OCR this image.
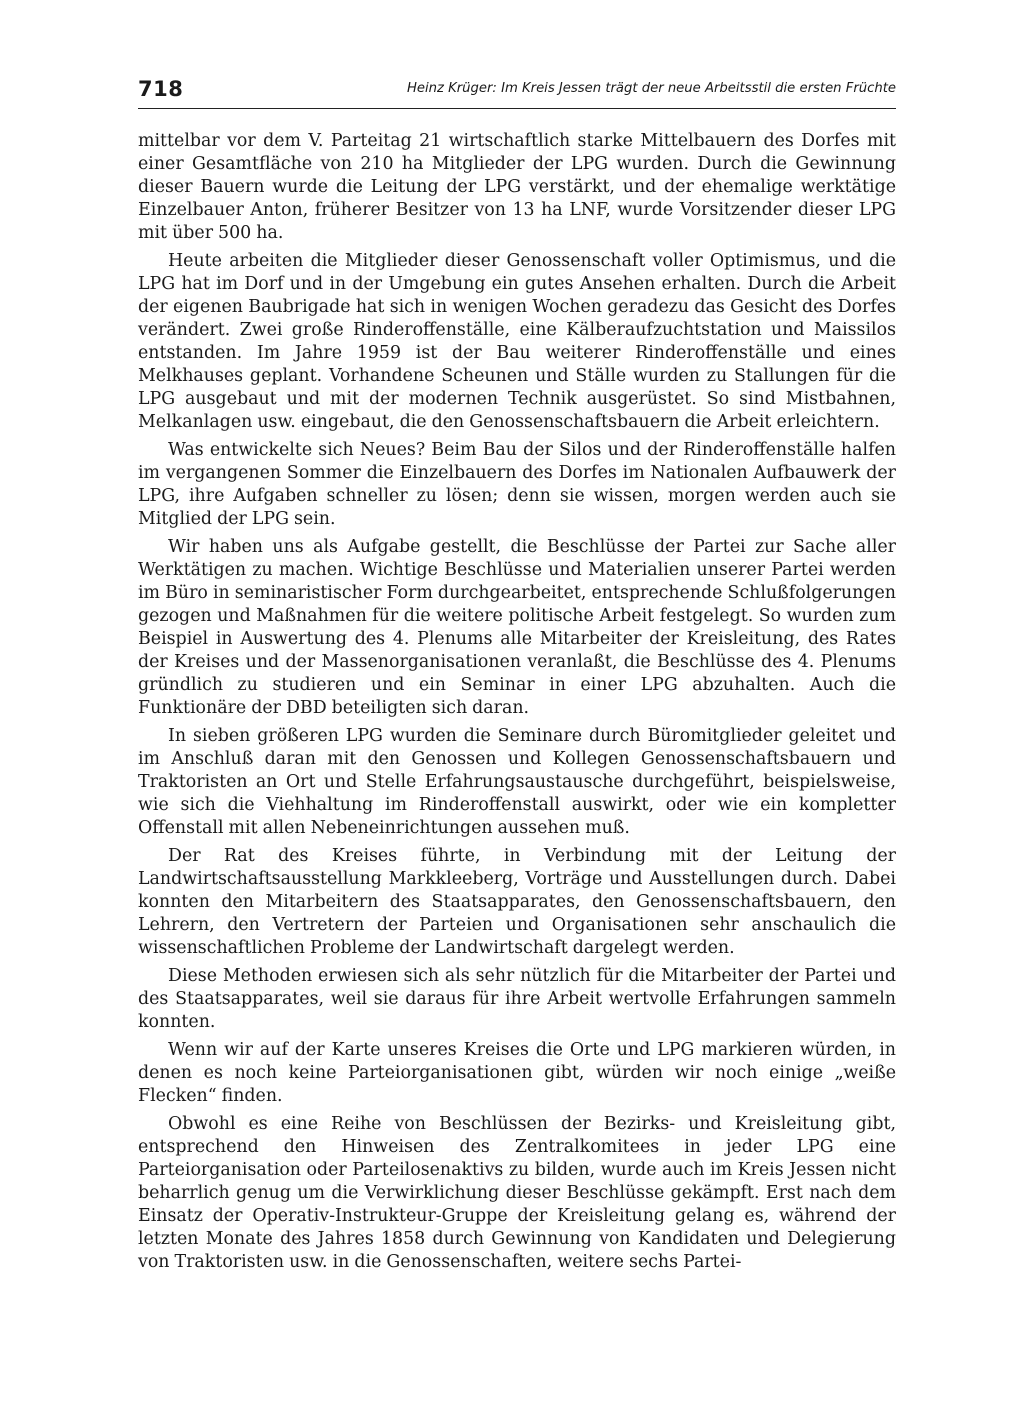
718	Heinz Krüger: Im Kreis Jessen trägt der neue Arbeitsstil die ersten Früchte

mittelbar vor dem V. Parteitag 21 wirtschaftlich starke Mittelbauern des Dorfes mit einer Gesamtfläche von 210 ha Mitglieder der LPG wurden. Durch die Gewinnung dieser Bauern wurde die Leitung der LPG verstärkt, und der ehemalige werktätige Einzelbauer Anton, früherer Besitzer von 13 ha LNF, wurde Vorsitzender dieser LPG mit über 500 ha.

Heute arbeiten die Mitglieder dieser Genossenschaft voller Optimismus, und die LPG hat im Dorf und in der Umgebung ein gutes Ansehen erhalten. Durch die Arbeit der eigenen Baubrigade hat sich in wenigen Wochen geradezu das Gesicht des Dorfes verändert. Zwei große Rinderoffenställe, eine Kälberaufzuchtstation und Maissilos entstanden. Im Jahre 1959 ist der Bau weiterer Rinderoffenställe und eines Melkhauses geplant. Vorhandene Scheunen und Ställe wurden zu Stallungen für die LPG ausgebaut und mit der modernen Technik ausgerüstet. So sind Mistbahnen, Melkanlagen usw. eingebaut, die den Genossenschaftsbauern die Arbeit erleichtern.

Was entwickelte sich Neues? Beim Bau der Silos und der Rinderoffenställe halfen im vergangenen Sommer die Einzelbauern des Dorfes im Nationalen Aufbauwerk der LPG, ihre Aufgaben schneller zu lösen; denn sie wissen, morgen werden auch sie Mitglied der LPG sein.

Wir haben uns als Aufgabe gestellt, die Beschlüsse der Partei zur Sache aller Werktätigen zu machen. Wichtige Beschlüsse und Materialien unserer Partei werden im Büro in seminaristischer Form durchgearbeitet, entsprechende Schlußfolgerungen gezogen und Maßnahmen für die weitere politische Arbeit festgelegt. So wurden zum Beispiel in Auswertung des 4. Plenums alle Mitarbeiter der Kreisleitung, des Rates der Kreises und der Massenorganisationen veranlaßt, die Beschlüsse des 4. Plenums gründlich zu studieren und ein Seminar in einer LPG abzuhalten. Auch die Funktionäre der DBD beteiligten sich daran.

In sieben größeren LPG wurden die Seminare durch Büromitglieder geleitet und im Anschluß daran mit den Genossen und Kollegen Genossenschaftsbauern und Traktoristen an Ort und Stelle Erfahrungsaustausche durchgeführt, beispielsweise, wie sich die Viehhaltung im Rinderoffenstall auswirkt, oder wie ein kompletter Offenstall mit allen Nebeneinrichtungen aussehen muß.

Der Rat des Kreises führte, in Verbindung mit der Leitung der Landwirtschaftsausstellung Markkleeberg, Vorträge und Ausstellungen durch. Dabei konnten den Mitarbeitern des Staatsapparates, den Genossenschaftsbauern, den Lehrern, den Vertretern der Parteien und Organisationen sehr anschaulich die wissenschaftlichen Probleme der Landwirtschaft dargelegt werden.

Diese Methoden erwiesen sich als sehr nützlich für die Mitarbeiter der Partei und des Staatsapparates, weil sie daraus für ihre Arbeit wertvolle Erfahrungen sammeln konnten.

Wenn wir auf der Karte unseres Kreises die Orte und LPG markieren würden, in denen es noch keine Parteiorganisationen gibt, würden wir noch einige „weiße Flecken“ finden.

Obwohl es eine Reihe von Beschlüssen der Bezirks- und Kreisleitung gibt, entsprechend den Hinweisen des Zentralkomitees in jeder LPG eine Parteiorganisation oder Parteilosenaktivs zu bilden, wurde auch im Kreis Jessen nicht beharrlich genug um die Verwirklichung dieser Beschlüsse gekämpft. Erst nach dem Einsatz der Operativ-Instrukteur-Gruppe der Kreisleitung gelang es, während der letzten Monate des Jahres 1858 durch Gewinnung von Kandidaten und Delegierung von Traktoristen usw. in die Genossenschaften, weitere sechs Partei-
